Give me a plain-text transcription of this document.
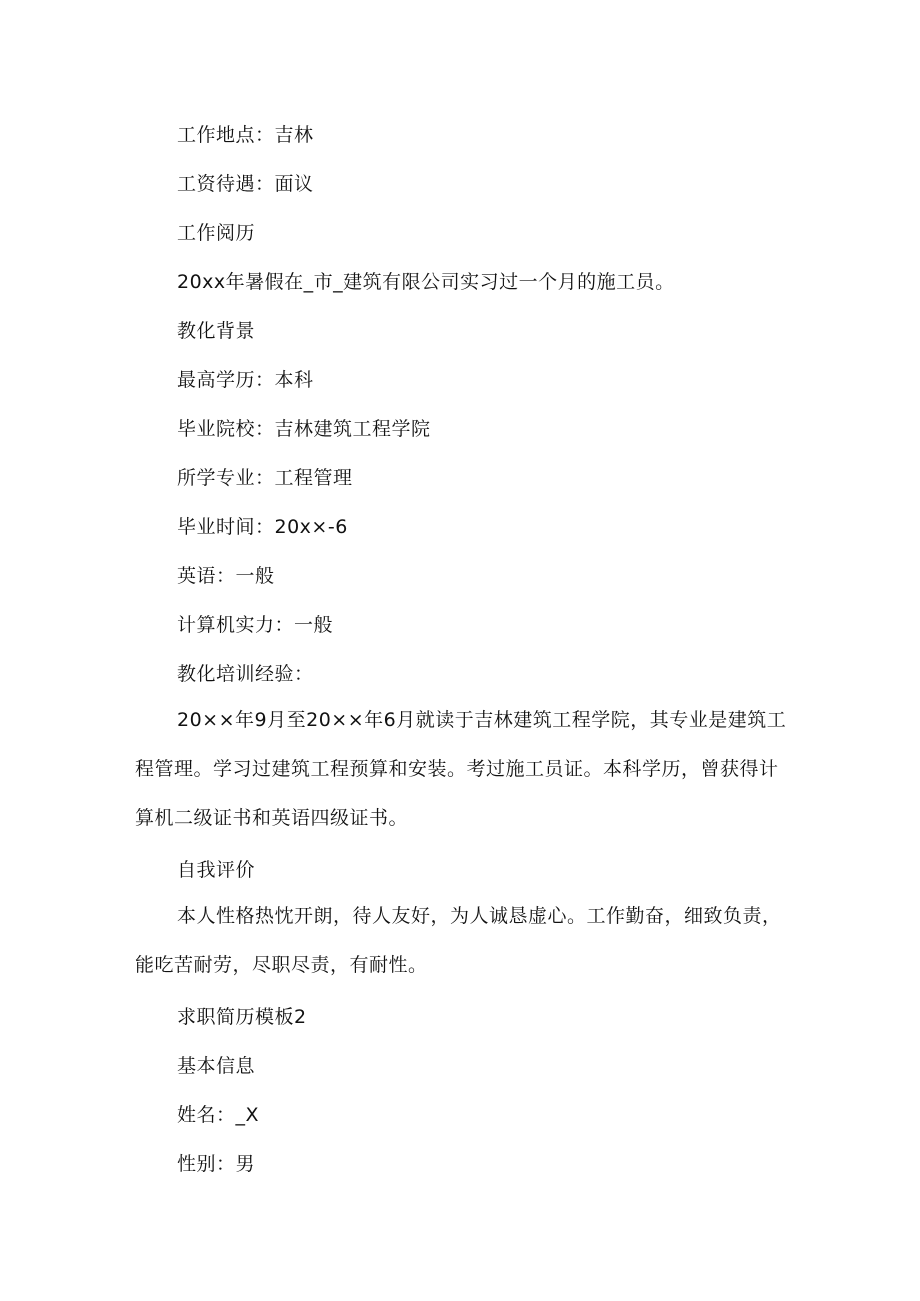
工作地点：吉林
工资待遇：面议
工作阅历
20xx年暑假在_市_建筑有限公司实习过一个月的施工员。
教化背景
最高学历：本科
毕业院校：吉林建筑工程学院
所学专业：工程管理
毕业时间：20x×-6
英语：一般
计算机实力：一般
教化培训经验：
20××年9月至20××年6月就读于吉林建筑工程学院，其专业是建筑工程管理。学习过建筑工程预算和安装。考过施工员证。本科学历，曾获得计算机二级证书和英语四级证书。
自我评价
本人性格热忱开朗，待人友好，为人诚恳虚心。工作勤奋，细致负责，能吃苦耐劳，尽职尽责，有耐性。
求职简历模板2
基本信息
姓名：_X
性别：男
